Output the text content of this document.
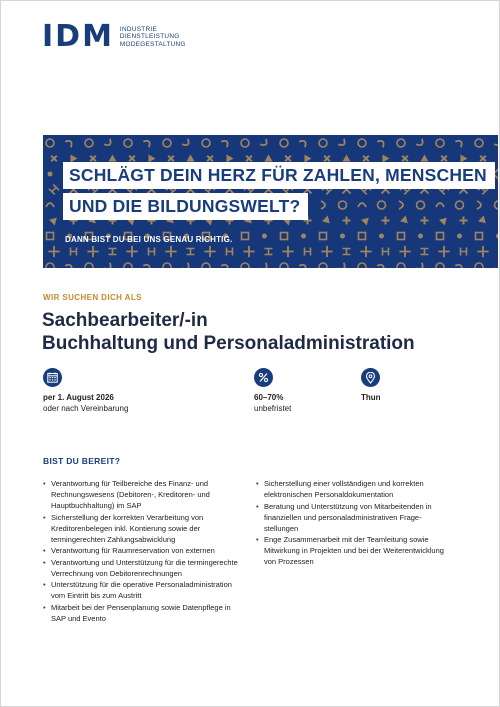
IDM INDUSTRIE
DIENSTLEISTUNG
MODEGESTALTUNG
SCHLÄGT DEIN HERZ FÜR ZAHLEN, MENSCHEN
UND DIE BILDUNGSWELT?
DANN BIST DU BEI UNS GENAU RICHTIG.
WIR SUCHEN DICH ALS
Sachbearbeiter/-in
Buchhaltung und Personaladministration
per 1. August 2026
oder nach Vereinbarung
60–70%
unbefristet
Thun
BIST DU BEREIT?
• Verantwortung für Teilbereiche des Finanz- und Rechnungswesens (Debitoren-, Kreditoren- und Hauptbuchhaltung) im SAP
• Sicherstellung der korrekten Verarbeitung von Kreditorenbelegen inkl. Kontierung sowie der termingerechten Zahlungsabwicklung
• Verantwortung für Raumreservation von externen
• Verantwortung und Unterstützung für die termingerechte Verrechnung von Debitorenrechnungen
• Unterstützung für die operative Personaladministration vom Eintritt bis zum Austritt
• Mitarbeit bei der Pensenplanung sowie Datenpflege in SAP und Evento
• Sicherstellung einer vollständigen und korrekten elektronischen Personaldokumentation
• Beratung und Unterstützung von Mitarbeitenden in finanziellen und personaladministrativen Fragestellungen
• Enge Zusammenarbeit mit der Teamleitung sowie Mitwirkung in Projekten und bei der Weiterentwicklung von Prozessen
